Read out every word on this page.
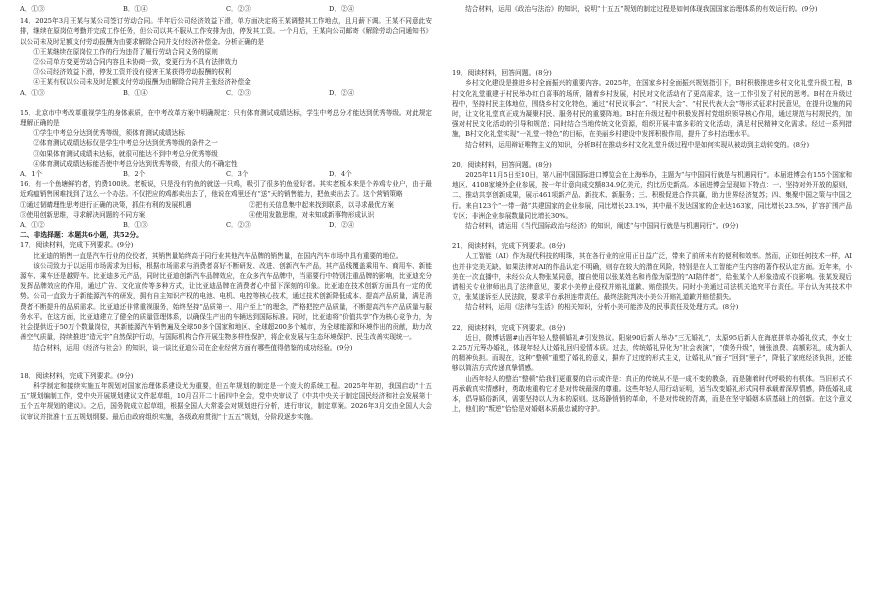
A．①③	B．①④	C．②③	D．②④

14．2025年3月王某与某公司签订劳动合同。半年后公司经济效益下滑，单方面决定将王某调整其工作地点，且月薪下调。王某不同意此安排，继续在原岗位考勤并完成工作任务，但公司以其不服从工作安排为由，停发其工资。一个月后，王某向公司邮寄《解除劳动合同通知书》以公司未及时足额支付劳动报酬为由要求解除合同并支付经济补偿金。分析正确的是

①王某继续在原岗位工作的行为违背了履行劳动合同义务的原则

②公司单方变更劳动合同内容且未协商一致，变更行为不具有法律效力

③公司经济效益下滑，停发工资并没有侵害王某获得劳动报酬的权利

④王某有权以公司未及时足额支付劳动报酬为由解除合同并主张经济补偿金

A．①③	B．①④	C．②③	D．②④

15．北京市中考改革重视学生的身体素质，在中考改革方案中明确规定：只有体育测试成绩达标，学生中考总分才能达到优秀等级。对此规定理解正确的是

①学生中考总分达到优秀等级，须体育测试成绩达标

②体育测试成绩达标仅是学生中考总分达到优秀等级的条件之一

③如果体育测试成绩未达标，就很可能达不到中考总分优秀等级

④体育测试成绩达标能否使中考总分达到优秀等级，有很大的不确定性

A．1个	B．2个	C．3个	D．4个

16．有一个鱼塘鲜钓者，钓费100块。老板说，只是没有钓鱼的就送一只鸡，吸引了很多钓鱼爱好者。其实老板本来是个养鸡专业户，由于最近鸡瘟销售困难找到了这么一个办法。不仅把应的鸡都卖出去了，他说在鸡里还有“送”天的销售能力，把鱼卖出去了。这个营销策略

①通过韧睛理性思考进行正确的决策，抓住有利的发展机遇	②把有关信息集中起来找到联系，以寻求最优方案
③使用创新思维，寻求解决问题的不同方案	④使用发散思维，对未知或新事物形成认识
A．①②	B．①③	C．②③	D．②④

二、非选择题：本题共6小题，共52分。

17．阅读材料，完成下列要求。(9分)

比亚迪的销售一直是汽车行业的佼佼者，其销售量始终高于同行业其他汽车品牌的销售量，在国内汽车市场中具有重要的地位。

该公司致力于以运用市场需求为目标，根据市场需求与消费者喜好不断研发、改进、创新汽车产品，其产品线覆盖乘用车、商用车、新能源车、乘车还是越野车。比亚迪多元产品，同时比亚迪创新汽车品牌效应，在众多汽车品牌中，当需要行中特别注重品牌的影响，比亚迪充分发挥品牌效应的作用，通过广告、文化宣传等多种方式，让比亚迪品牌在消费者心中留下深刻的印象。比亚迪在技术创新方面具有一定的优势。公司一直致力于新能源汽车的研发，拥有自主知识产权的电池、电机、电控等核心技术，通过技术创新降低成本、提高产品质量，满足消费者不断提升的品质需求。比亚迪还非常重视服务，始终坚持“品质第一、用户至上”的理念，严格把控产品质量，不断提高汽车产品质量与服务水平。在这方面，比亚迪建立了健全的质量管理体系，以确保生产出的车辆达到国际标准。同时，比亚迪将“价值共享”作为核心竞争力，为社会提供近于50万个数量岗位，其新能源汽车销售遍及全球50多个国家和地区、全球超200多个城市，为全球能源和环境作出的贡献，助力改善空气质量，持续推进“造元宇”自然保护行动，与国际机构合作开展生物多样性保护，将企业发展与生态环境保护、民生改善实现统一。

结合材料，运用《经济与社会》的知识，谈一谈比亚迪公司在企业经营方面有哪些值得借鉴的成功经验。(9分)

18．阅读材料，完成下列要求。(9分)

科学制定和接续实施五年规划对国家治理体系建设尤为重要，但五年规划的制定是一个庞大的系统工程。2025年年初，我国启动“十五五”规划编制工作，党中央开展规划建议文件起草组，10月召开二十届四中全会，党中央审议了《中共中央关于制定国民经济和社会发展第十五个五年规划的建议》。之后，国务院成立起草组，根据全国人大常委会对规划进行分析，进行审议，制定草案。2026年3月交由全国人大会议审议并批准十五五规划纲要。最后由政府组织实施，各级政府贯彻“十五五”规划，分阶段逐步实施。

结合材料，运用《政治与法治》的知识，说明“十五五”规划的制定过程是如何体现我国国家治理体系的有效运行的。(9分)

19．阅读材料，回答问题。(8分)

乡村文化建设是推进乡村全面振兴的重要内容。2025年，在国家乡村全面振兴规划指引下，B村积极推进乡村文化礼堂升级工程，B村文化礼堂重建于村民举办红白喜事的场所，随着乡村发展，村民对文化活动有了更高需求，这一工作引发了村民的思考。B村在升级过程中，坚持村民主体地位，围绕乡村文化特色，通过“村民议事会”、“村民大会”、“村民代表大会”等形式征求村民意见，在提升设施的同时，让文化礼堂真正成为凝聚村民、服务村民的重要阵地。B村在升级过程中积极发挥村党组织领导核心作用，通过规范与村规民约，加强对村民文化活动的引导和规范；同时结合当地传统文化资源，组织开展丰富多彩的文化活动，满足村民精神文化需求。经过一系列措施，B村文化礼堂实现“一礼堂一特色”的目标，在美丽乡村建设中发挥积极作用，提升了乡村治理水平。

结合材料，运用辩证唯物主义的知识，分析B村在推动乡村文化礼堂升级过程中是如何实现从被动到主动转变的。(8分)

20．阅读材料，回答问题。(8分)

2025年11月5日至10日，第八届中国国际进口博览会在上海举办，主题为“与中国同行就是与机遇同行”。本届进博会有155个国家和地区、4108家境外企业参展，按一年计意向成交额834.9亿美元，约比历史新高。本届进博会呈现如下特点：一、坚持对外开放的原则，二、推动共享创新成果，展示461项新产品、新技术、新服务；三、积极促进合作共赢，助力世界经济复苏；四、集聚中国之策与中国之行。来自123个“一带一路”共建国家的企业参展，同比增长23.1%，其中最不发达国家的企业达163家，同比增长23.5%，扩容扩围产品专区；非洲企业参展数量同比增长30%。

结合材料，请运用《当代国际政治与经济》的知识，阐述“与中国同行就是与机遇同行”。(9分)

21．阅读材料，完成下列要求。(8分)

人工智能（AI）作为现代科技的明珠，其在各行业的应用正日益广泛，带来了前所未有的便利和效率。然而，正如任何技术一样，AI也并非完美无缺。如果法律对AI的作品认定不明确，则存在较大的潜在风险，特别是在人工智能产生内容的著作权认定方面。近年来，小美在一次直播中，未经公众人物张某同意，擅自使用以张某姓名和肖像为原型的“AI陪伴者”，给张某个人形象造成不良影响。张某发现后请相关专业律师出具了法律意见，要求小美停止侵权并赔礼道歉、赔偿损失。同时小美通过司法机关追究平台责任。平台认为其技术中立，张某遂诉至人民法院，要求平台承担连带责任。最终法院判决小美公开赔礼道歉并赔偿损失。

结合材料，运用《法律与生活》的相关知识，分析小美可能涉及的民事责任及处理方式。(8分)

22．阅读材料，完成下列要求。(8分)

近日，微博话题#山西年轻人整顿婚礼#引发热议。阳泉90后新人举办“三无婚礼”，太原95后新人在海底拼单办婚礼仪式，李女士2.25万元筹办婚礼，体现年轻人让婚礼回归爱情本质。过去，传统婚礼异化为“社会表演”，“债务升级”，铺张浪费、高额彩礼，成为新人的精神负担。而现在，这种“整顿”重塑了婚礼的意义，摒弃了过度的形式主义，让婚礼从“面子”回到“里子”，降低了家庭经济负担，还能够以简洁方式传递真挚情感。

山西年轻人的整治“整顿”给我们更重要的启示或许是：真正的传统从不是一成不变的教条，而是随着时代呼吸的有机体。当旧形式不再承载真实情感时，勇敢地重构它才是对传统最深的尊重。这些年轻人用行动证明，适当改变婚礼形式同样承载着深厚情感，降低婚礼成本，倡导婚俗新风，需要坚持以人为本的原则。这场静悄悄的革命，不是对传统的背离，而是在坚守婚姻本质基础上的创新。在这个意义上，他们的“叛逆”恰恰是对婚姻本质最忠诚的守护。
